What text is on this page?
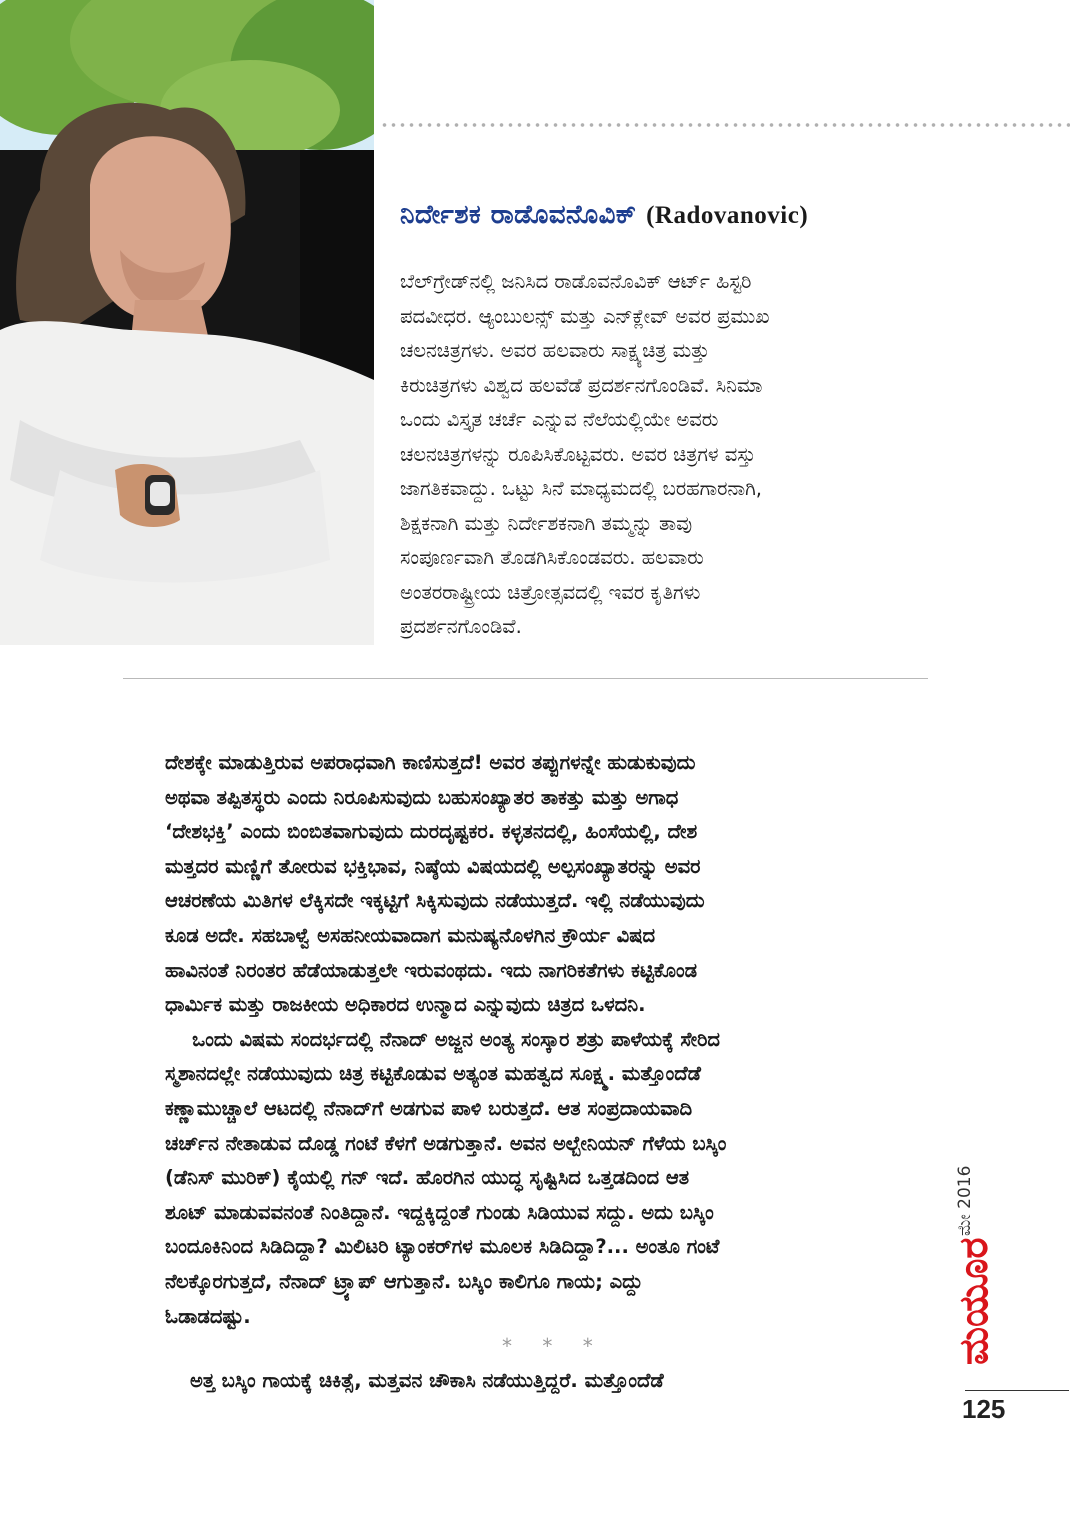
ನಿರ್ದೇಶಕ ರಾಡೊವನೊವಿಕ್ (Radovanovic)
ಬೆಲ್‌ಗ್ರೇಡ್‌ನಲ್ಲಿ ಜನಿಸಿದ ರಾಡೊವನೊವಿಕ್ ಆರ್ಟ್ ಹಿಸ್ಟರಿ
ಪದವೀಧರ. ಆ್ಯಂಬುಲನ್ಸ್ ಮತ್ತು ಎನ್‌ಕ್ಲೇವ್ ಅವರ ಪ್ರಮುಖ
ಚಲನಚಿತ್ರಗಳು. ಅವರ ಹಲವಾರು ಸಾಕ್ಷ್ಯಚಿತ್ರ ಮತ್ತು
ಕಿರುಚಿತ್ರಗಳು ವಿಶ್ವದ ಹಲವೆಡೆ ಪ್ರದರ್ಶನಗೊಂಡಿವೆ. ಸಿನಿಮಾ
ಒಂದು ವಿಸ್ತೃತ ಚರ್ಚೆ ಎನ್ನುವ ನೆಲೆಯಲ್ಲಿಯೇ ಅವರು
ಚಲನಚಿತ್ರಗಳನ್ನು ರೂಪಿಸಿಕೊಟ್ಟವರು. ಅವರ ಚಿತ್ರಗಳ ವಸ್ತು
ಜಾಗತಿಕವಾದ್ದು. ಒಟ್ಟು ಸಿನೆ ಮಾಧ್ಯಮದಲ್ಲಿ ಬರಹಗಾರನಾಗಿ,
ಶಿಕ್ಷಕನಾಗಿ ಮತ್ತು ನಿರ್ದೇಶಕನಾಗಿ ತಮ್ಮನ್ನು ತಾವು
ಸಂಪೂರ್ಣವಾಗಿ ತೊಡಗಿಸಿಕೊಂಡವರು. ಹಲವಾರು
ಅಂತರರಾಷ್ಟ್ರೀಯ ಚಿತ್ರೋತ್ಸವದಲ್ಲಿ ಇವರ ಕೃತಿಗಳು
ಪ್ರದರ್ಶನಗೊಂಡಿವೆ.
ದೇಶಕ್ಕೇ ಮಾಡುತ್ತಿರುವ ಅಪರಾಧವಾಗಿ ಕಾಣಿಸುತ್ತದೆ! ಅವರ ತಪ್ಪುಗಳನ್ನೇ ಹುಡುಕುವುದು
ಅಥವಾ ತಪ್ಪಿತಸ್ಥರು ಎಂದು ನಿರೂಪಿಸುವುದು ಬಹುಸಂಖ್ಯಾತರ ತಾಕತ್ತು ಮತ್ತು ಅಗಾಧ
‘ದೇಶಭಕ್ತಿ’ ಎಂದು ಬಿಂಬಿತವಾಗುವುದು ದುರದೃಷ್ಟಕರ. ಕಳ್ಳತನದಲ್ಲಿ, ಹಿಂಸೆಯಲ್ಲಿ, ದೇಶ
ಮತ್ತದರ ಮಣ್ಣಿಗೆ ತೋರುವ ಭಕ್ತಿಭಾವ, ನಿಷ್ಠೆಯ ವಿಷಯದಲ್ಲಿ ಅಲ್ಪಸಂಖ್ಯಾತರನ್ನು ಅವರ
ಆಚರಣೆಯ ಮಿತಿಗಳ ಲೆಕ್ಕಿಸದೇ ಇಕ್ಕಟ್ಟಿಗೆ ಸಿಕ್ಕಿಸುವುದು ನಡೆಯುತ್ತದೆ. ಇಲ್ಲಿ ನಡೆಯುವುದು
ಕೂಡ ಅದೇ. ಸಹಬಾಳ್ವೆ ಅಸಹನೀಯವಾದಾಗ ಮನುಷ್ಯನೊಳಗಿನ ಕ್ರೌರ್ಯ ವಿಷದ
ಹಾವಿನಂತೆ ನಿರಂತರ ಹೆಡೆಯಾಡುತ್ತಲೇ ಇರುವಂಥದು. ಇದು ನಾಗರಿಕತೆಗಳು ಕಟ್ಟಿಕೊಂಡ
ಧಾರ್ಮಿಕ ಮತ್ತು ರಾಜಕೀಯ ಅಧಿಕಾರದ ಉನ್ಮಾದ ಎನ್ನುವುದು ಚಿತ್ರದ ಒಳದನಿ.
ಒಂದು ವಿಷಮ ಸಂದರ್ಭದಲ್ಲಿ ನೆನಾದ್ ಅಜ್ಜನ ಅಂತ್ಯ ಸಂಸ್ಕಾರ ಶತ್ರು ಪಾಳೆಯಕ್ಕೆ ಸೇರಿದ
ಸ್ಮಶಾನದಲ್ಲೇ ನಡೆಯುವುದು ಚಿತ್ರ ಕಟ್ಟಿಕೊಡುವ ಅತ್ಯಂತ ಮಹತ್ವದ ಸೂಕ್ಷ್ಮ. ಮತ್ತೊಂದೆಡೆ
ಕಣ್ಣಾಮುಚ್ಚಾಲೆ ಆಟದಲ್ಲಿ ನೆನಾದ್‌ಗೆ ಅಡಗುವ ಪಾಳಿ ಬರುತ್ತದೆ. ಆತ ಸಂಪ್ರದಾಯವಾದಿ
ಚರ್ಚ್‌ನ ನೇತಾಡುವ ದೊಡ್ಡ ಗಂಟೆ ಕೆಳಗೆ ಅಡಗುತ್ತಾನೆ. ಅವನ ಅಲ್ಬೇನಿಯನ್ ಗೆಳೆಯ ಬಸ್ಕಿಂ
(ಡೆನಿಸ್ ಮುರಿಕ್) ಕೈಯಲ್ಲಿ ಗನ್ ಇದೆ. ಹೊರಗಿನ ಯುದ್ಧ ಸೃಷ್ಟಿಸಿದ ಒತ್ತಡದಿಂದ ಆತ
ಶೂಟ್ ಮಾಡುವವನಂತೆ ನಿಂತಿದ್ದಾನೆ. ಇದ್ದಕ್ಕಿದ್ದಂತೆ ಗುಂಡು ಸಿಡಿಯುವ ಸದ್ದು. ಅದು ಬಸ್ಕಿಂ
ಬಂದೂಕಿನಿಂದ ಸಿಡಿದಿದ್ದಾ? ಮಿಲಿಟರಿ ಟ್ಯಾಂಕರ್‌ಗಳ ಮೂಲಕ ಸಿಡಿದಿದ್ದಾ?... ಅಂತೂ ಗಂಟೆ
ನೆಲಕ್ಕೊರಗುತ್ತದೆ, ನೆನಾದ್ ಟ್ರ್ಯಾಪ್ ಆಗುತ್ತಾನೆ. ಬಸ್ಕಿಂ ಕಾಲಿಗೂ ಗಾಯ; ಎದ್ದು
ಓಡಾಡದಷ್ಟು.
* * *
ಅತ್ತ ಬಸ್ಕಿಂ ಗಾಯಕ್ಕೆ ಚಿಕಿತ್ಸೆ, ಮತ್ತವನ ಚೌಕಾಸಿ ನಡೆಯುತ್ತಿದ್ದರೆ. ಮತ್ತೊಂದೆಡೆ
ಮೇ 2016
ಮಯೂರ
125
